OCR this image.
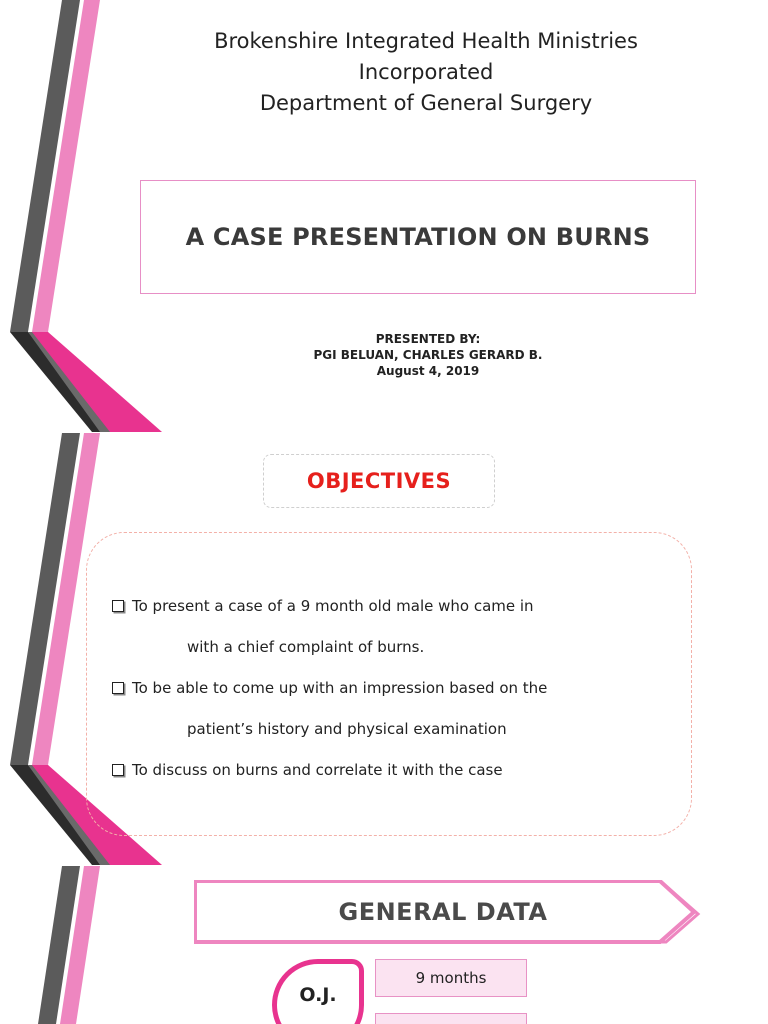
Brokenshire Integrated Health Ministries
Incorporated
Department of General Surgery
A CASE PRESENTATION ON BURNS
PRESENTED BY:
PGI BELUAN, CHARLES GERARD B.
August 4, 2019
OBJECTIVES
To present a case of a 9 month old male who came in
with a chief complaint of burns.
To be able to come up with an impression based on the
patient’s history and physical examination
To discuss on burns and correlate it with the case
GENERAL DATA
O.J.
9 months
